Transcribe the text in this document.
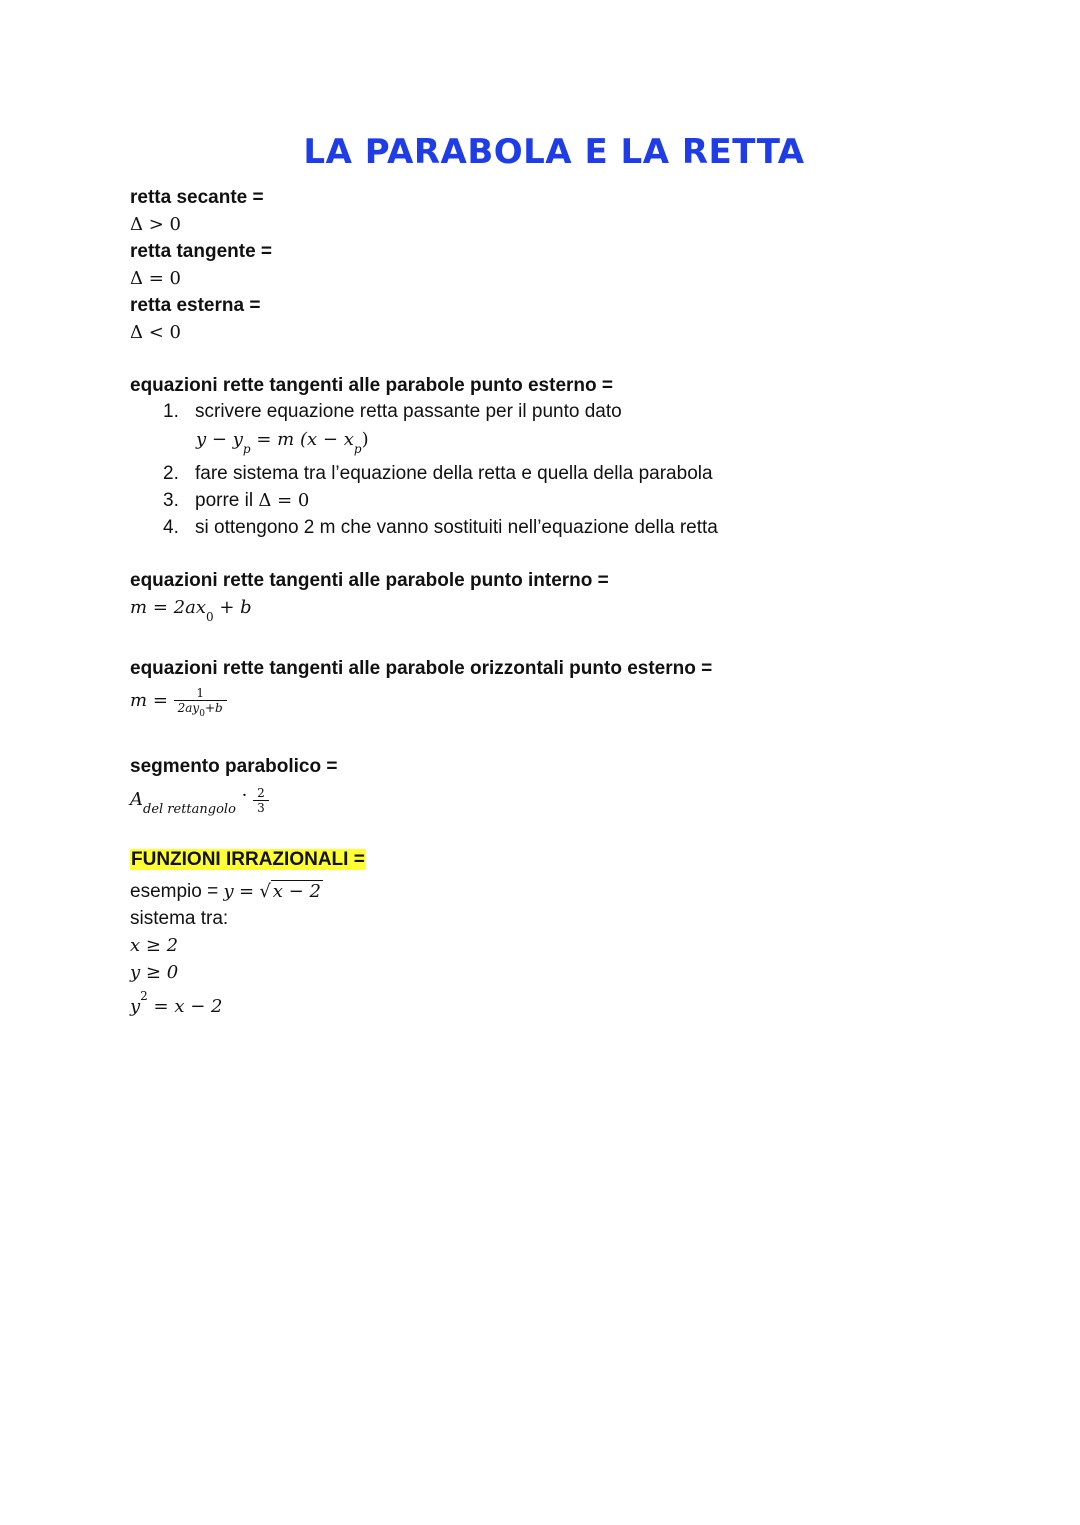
LA PARABOLA E LA RETTA
retta secante =
Δ > 0
retta tangente =
Δ = 0
retta esterna =
Δ < 0
equazioni rette tangenti alle parabole punto esterno =
1. scrivere equazione retta passante per il punto dato
$y - y_p = m$ $(x - x_p)$
2. fare sistema tra l’equazione della retta e quella della parabola
3. porre il Δ = 0
4. si ottengono 2 m che vanno sostituiti nell’equazione della retta
equazioni rette tangenti alle parabole punto interno =
$m = 2ax_0 + b$
equazioni rette tangenti alle parabole orizzontali punto esterno =
$m = \frac{1}{2ay_0+b}$
segmento parabolico =
$A_{del rettangolo} \cdot \frac{2}{3}$
FUNZIONI IRRAZIONALI =
esempio = y = √ x − 2
sistema tra:
x ≥ 2
y ≥ 0
$y^2 = x - 2$
